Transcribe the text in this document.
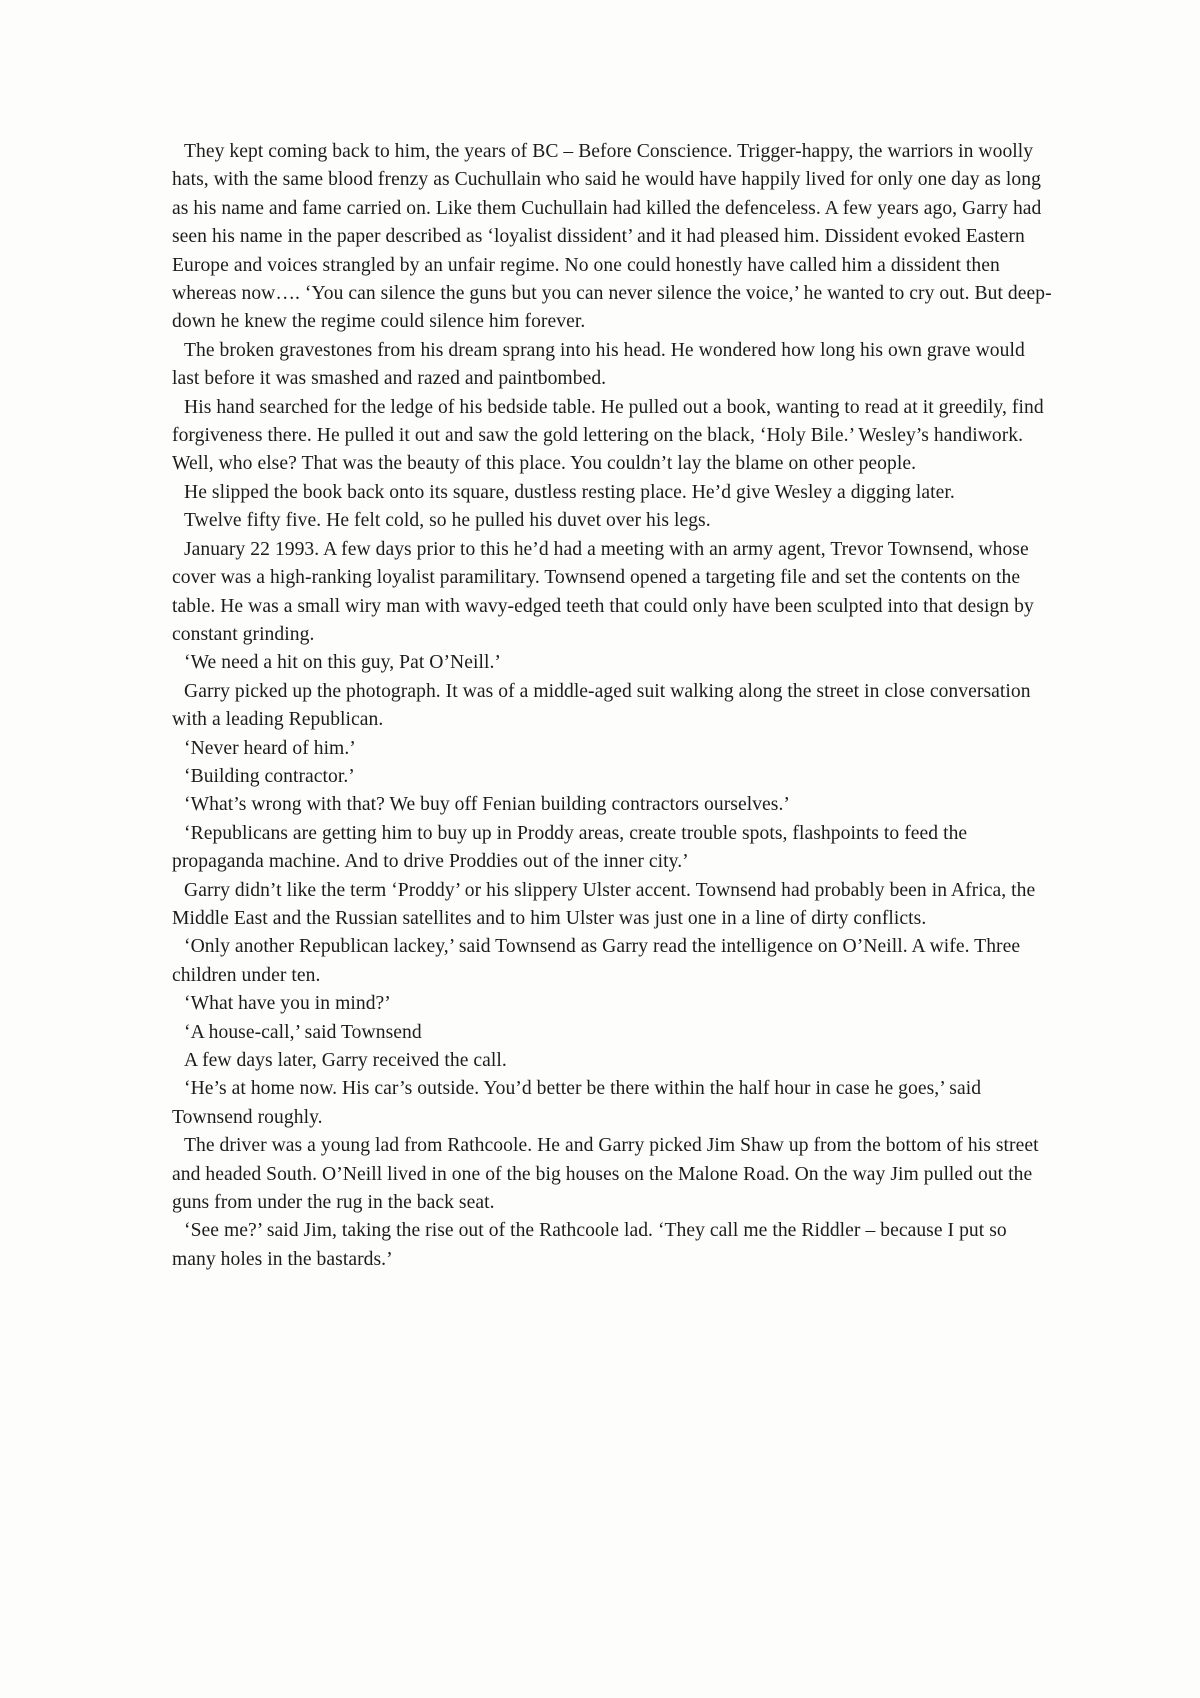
They kept coming back to him, the years of BC – Before Conscience. Trigger-happy, the warriors in woolly hats, with the same blood frenzy as Cuchullain who said he would have happily lived for only one day as long as his name and fame carried on. Like them Cuchullain had killed the defenceless. A few years ago, Garry had seen his name in the paper described as ‘loyalist dissident’ and it had pleased him. Dissident evoked Eastern Europe and voices strangled by an unfair regime. No one could honestly have called him a dissident then whereas now…. ‘You can silence the guns but you can never silence the voice,’ he wanted to cry out. But deep-down he knew the regime could silence him forever.

The broken gravestones from his dream sprang into his head. He wondered how long his own grave would last before it was smashed and razed and paintbombed.

His hand searched for the ledge of his bedside table. He pulled out a book, wanting to read at it greedily, find forgiveness there. He pulled it out and saw the gold lettering on the black, ‘Holy Bile.’ Wesley’s handiwork. Well, who else? That was the beauty of this place. You couldn’t lay the blame on other people.

He slipped the book back onto its square, dustless resting place. He’d give Wesley a digging later.

Twelve fifty five. He felt cold, so he pulled his duvet over his legs.

January 22 1993. A few days prior to this he’d had a meeting with an army agent, Trevor Townsend, whose cover was a high-ranking loyalist paramilitary. Townsend opened a targeting file and set the contents on the table. He was a small wiry man with wavy-edged teeth that could only have been sculpted into that design by constant grinding.

‘We need a hit on this guy, Pat O’Neill.’

Garry picked up the photograph. It was of a middle-aged suit walking along the street in close conversation with a leading Republican.

‘Never heard of him.’

‘Building contractor.’

‘What’s wrong with that? We buy off Fenian building contractors ourselves.’

‘Republicans are getting him to buy up in Proddy areas, create trouble spots, flashpoints to feed the propaganda machine. And to drive Proddies out of the inner city.’

Garry didn’t like the term ‘Proddy’ or his slippery Ulster accent. Townsend had probably been in Africa, the Middle East and the Russian satellites and to him Ulster was just one in a line of dirty conflicts.

‘Only another Republican lackey,’ said Townsend as Garry read the intelligence on O’Neill. A wife. Three children under ten.

‘What have you in mind?’

‘A house-call,’ said Townsend

A few days later, Garry received the call.

‘He’s at home now. His car’s outside. You’d better be there within the half hour in case he goes,’ said Townsend roughly.

The driver was a young lad from Rathcoole. He and Garry picked Jim Shaw up from the bottom of his street and headed South. O’Neill lived in one of the big houses on the Malone Road. On the way Jim pulled out the guns from under the rug in the back seat.

‘See me?’ said Jim, taking the rise out of the Rathcoole lad. ‘They call me the Riddler – because I put so many holes in the bastards.’
